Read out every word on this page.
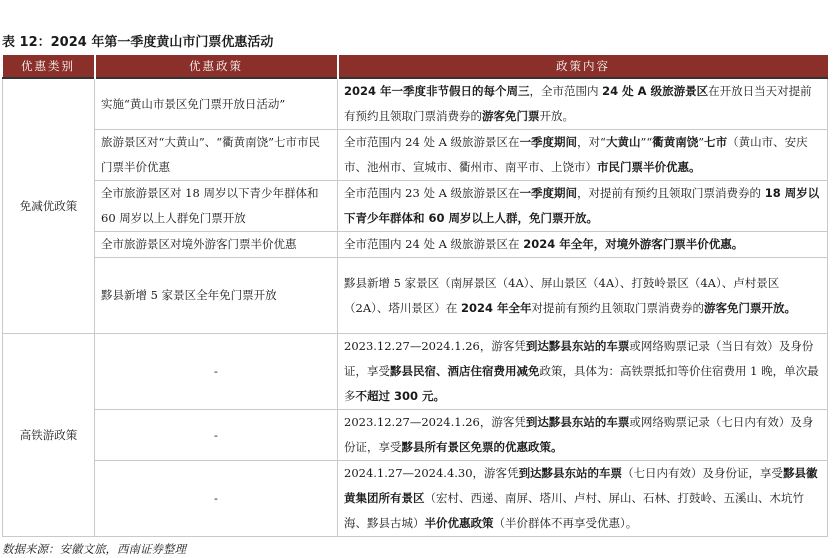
表 12：2024 年第一季度黄山市门票优惠活动
优惠类别	优惠政策	政策内容
免减优政策	实施“黄山市景区免门票开放日活动”	2024 年一季度非节假日的每个周三，全市范围内 24 处 A 级旅游景区在开放日当天对提前有预约且领取门票消费券的游客免门票开放。
	旅游景区对“大黄山”、“衢黄南饶”七市市民门票半价优惠	全市范围内 24 处 A 级旅游景区在一季度期间，对“大黄山”“衢黄南饶”七市（黄山市、安庆市、池州市、宣城市、衢州市、南平市、上饶市）市民门票半价优惠。
	全市旅游景区对 18 周岁以下青少年群体和 60 周岁以上人群免门票开放	全市范围内 23 处 A 级旅游景区在一季度期间，对提前有预约且领取门票消费券的 18 周岁以下青少年群体和 60 周岁以上人群，免门票开放。
	全市旅游景区对境外游客门票半价优惠	全市范围内 24 处 A 级旅游景区在 2024 年全年，对境外游客门票半价优惠。
	黟县新增 5 家景区全年免门票开放	黟县新增 5 家景区（南屏景区（4A）、屏山景区（4A）、打鼓岭景区（4A）、卢村景区（2A）、塔川景区）在 2024 年全年对提前有预约且领取门票消费券的游客免门票开放。
高铁游政策	-	2023.12.27—2024.1.26，游客凭到达黟县东站的车票或网络购票记录（当日有效）及身份证，享受黟县民宿、酒店住宿费用减免政策，具体为：高铁票抵扣等价住宿费用 1 晚，单次最多不超过 300 元。
	-	2023.12.27—2024.1.26，游客凭到达黟县东站的车票或网络购票记录（七日内有效）及身份证，享受黟县所有景区免票的优惠政策。
	-	2024.1.27—2024.4.30，游客凭到达黟县东站的车票（七日内有效）及身份证，享受黟县徽黄集团所有景区（宏村、西递、南屏、塔川、卢村、屏山、石林、打鼓岭、五溪山、木坑竹海、黟县古城）半价优惠政策（半价群体不再享受优惠）。
数据来源：安徽文旅，西南证券整理
